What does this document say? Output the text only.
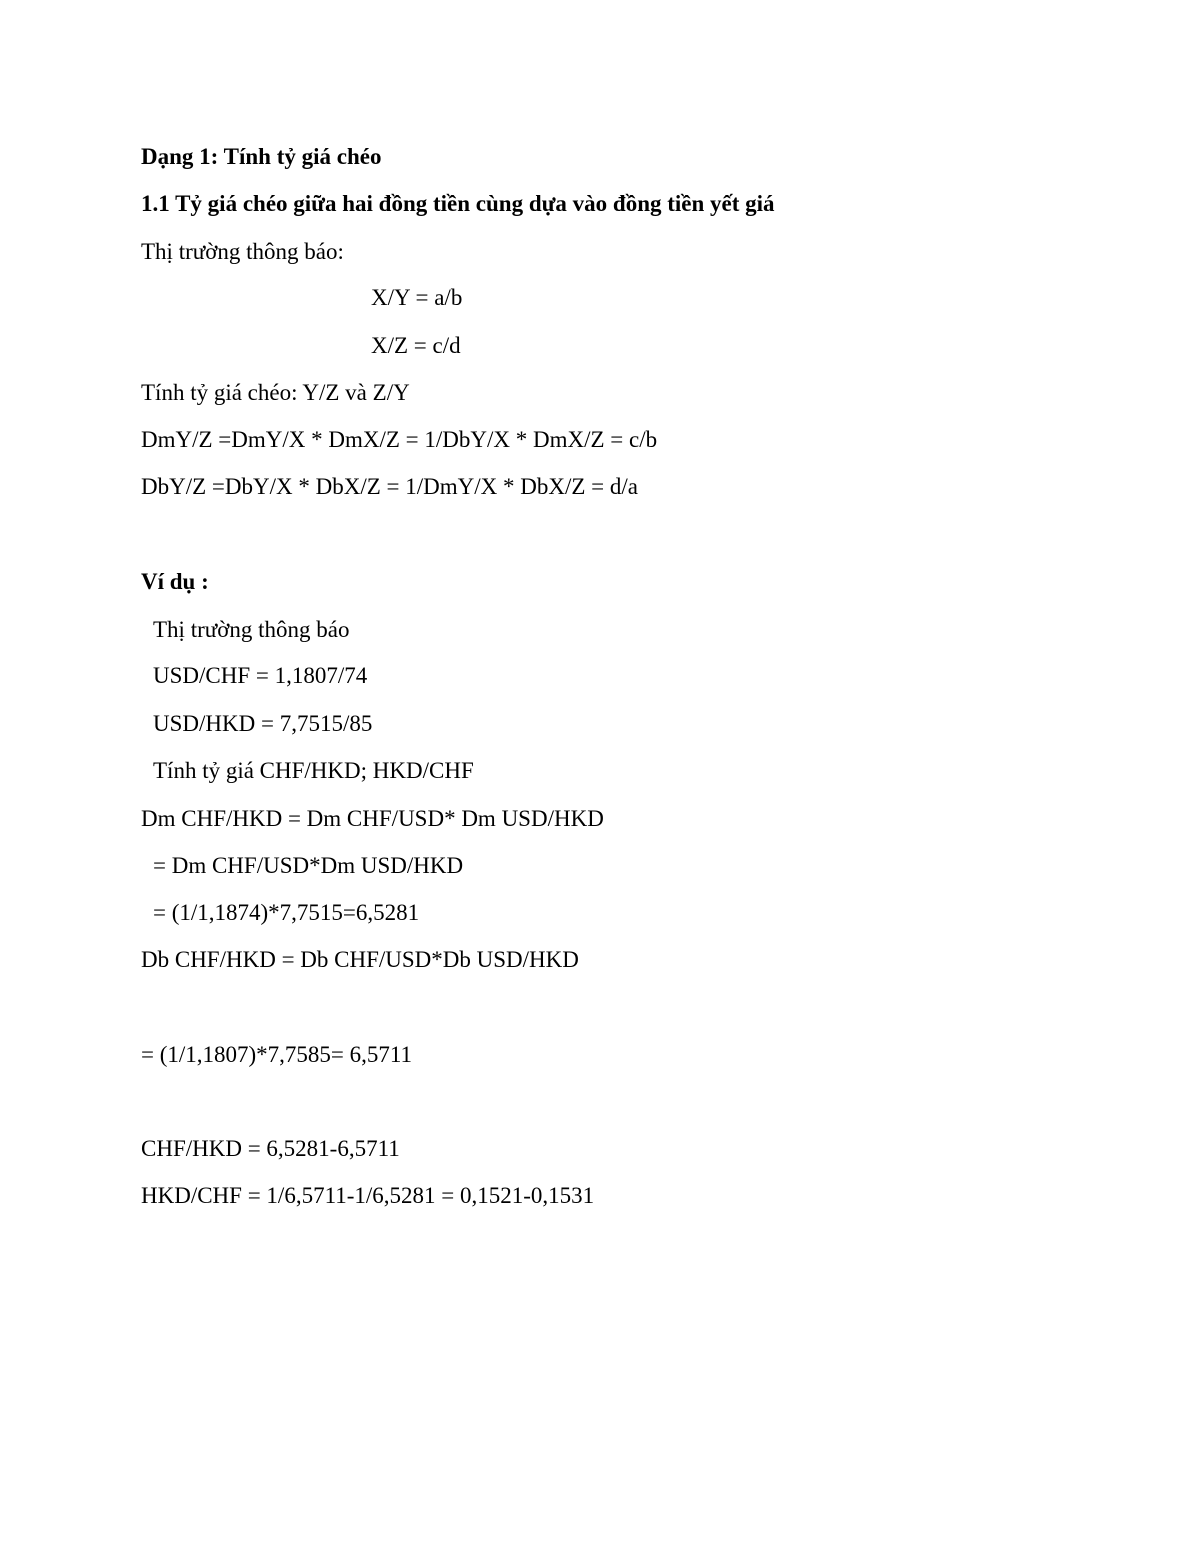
Dạng 1: Tính tỷ giá chéo
1.1 Tỷ giá chéo giữa hai đồng tiền cùng dựa vào đồng tiền yết giá
Thị trường thông báo:
X/Y = a/b
X/Z = c/d
Tính tỷ giá chéo: Y/Z và Z/Y
DmY/Z =DmY/X * DmX/Z = 1/DbY/X * DmX/Z = c/b
DbY/Z =DbY/X * DbX/Z = 1/DmY/X * DbX/Z = d/a
Ví dụ :
Thị trường thông báo
USD/CHF = 1,1807/74
USD/HKD = 7,7515/85
Tính tỷ giá CHF/HKD; HKD/CHF
Dm CHF/HKD = Dm CHF/USD* Dm USD/HKD
= Dm CHF/USD*Dm USD/HKD
= (1/1,1874)*7,7515=6,5281
Db CHF/HKD = Db CHF/USD*Db USD/HKD
= (1/1,1807)*7,7585= 6,5711
CHF/HKD = 6,5281-6,5711
HKD/CHF = 1/6,5711-1/6,5281 = 0,1521-0,1531
